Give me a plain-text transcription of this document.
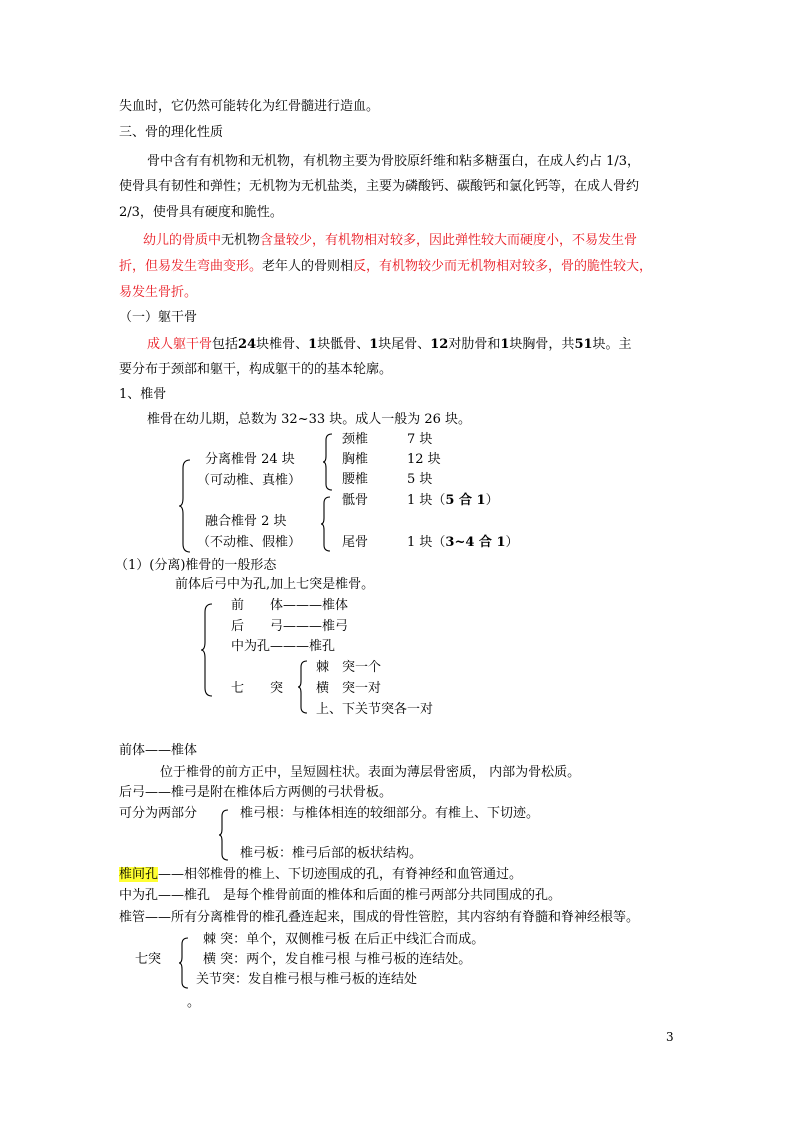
失血时，它仍然可能转化为红骨髓进行造血。
三、骨的理化性质
骨中含有有机物和无机物，有机物主要为骨胶原纤维和粘多糖蛋白，在成人约占 1/3，
使骨具有韧性和弹性；无机物为无机盐类，主要为磷酸钙、碳酸钙和氯化钙等，在成人骨约
2/3，使骨具有硬度和脆性。
幼儿的骨质中无机物含量较少，有机物相对较多，因此弹性较大而硬度小，不易发生骨
折，但易发生弯曲变形。老年人的骨则相反，有机物较少而无机物相对较多，骨的脆性较大，
易发生骨折。
（一）躯干骨
成人躯干骨包括24块椎骨、1块骶骨、1块尾骨、12对肋骨和1块胸骨，共51块。主
要分布于颈部和躯干，构成躯干的的基本轮廓。
1、椎骨
椎骨在幼儿期，总数为 32~33 块。成人一般为 26 块。
分离椎骨 24 块
（可动椎、真椎）
融合椎骨 2 块
（不动椎、假椎）
颈椎	7 块
胸椎	12 块
腰椎	5 块
骶骨	1 块（5 合 1）
尾骨	1 块（3~4 合 1）
（1）(分离)椎骨的一般形态
前体后弓中为孔,加上七突是椎骨。
前　　体———椎体
后　　弓———椎弓
中为孔———椎孔
七　　突
棘　突一个
横　突一对
上、下关节突各一对
前体——椎体
位于椎骨的前方正中，呈短圆柱状。表面为薄层骨密质， 内部为骨松质。
后弓——椎弓是附在椎体后方两侧的弓状骨板。
可分为两部分	椎弓根：与椎体相连的较细部分。有椎上、下切迹。
椎弓板：椎弓后部的板状结构。
椎间孔——相邻椎骨的椎上、下切迹围成的孔，有脊神经和血管通过。
中为孔——椎孔　是每个椎骨前面的椎体和后面的椎弓两部分共同围成的孔。
椎管——所有分离椎骨的椎孔叠连起来，围成的骨性管腔，其内容纳有脊髓和脊神经根等。
七突
棘 突：单个，双侧椎弓板 在后正中线汇合而成。
横 突：两个，发自椎弓根 与椎弓板的连结处。
关节突：发自椎弓根与椎弓板的连结处
。
3
